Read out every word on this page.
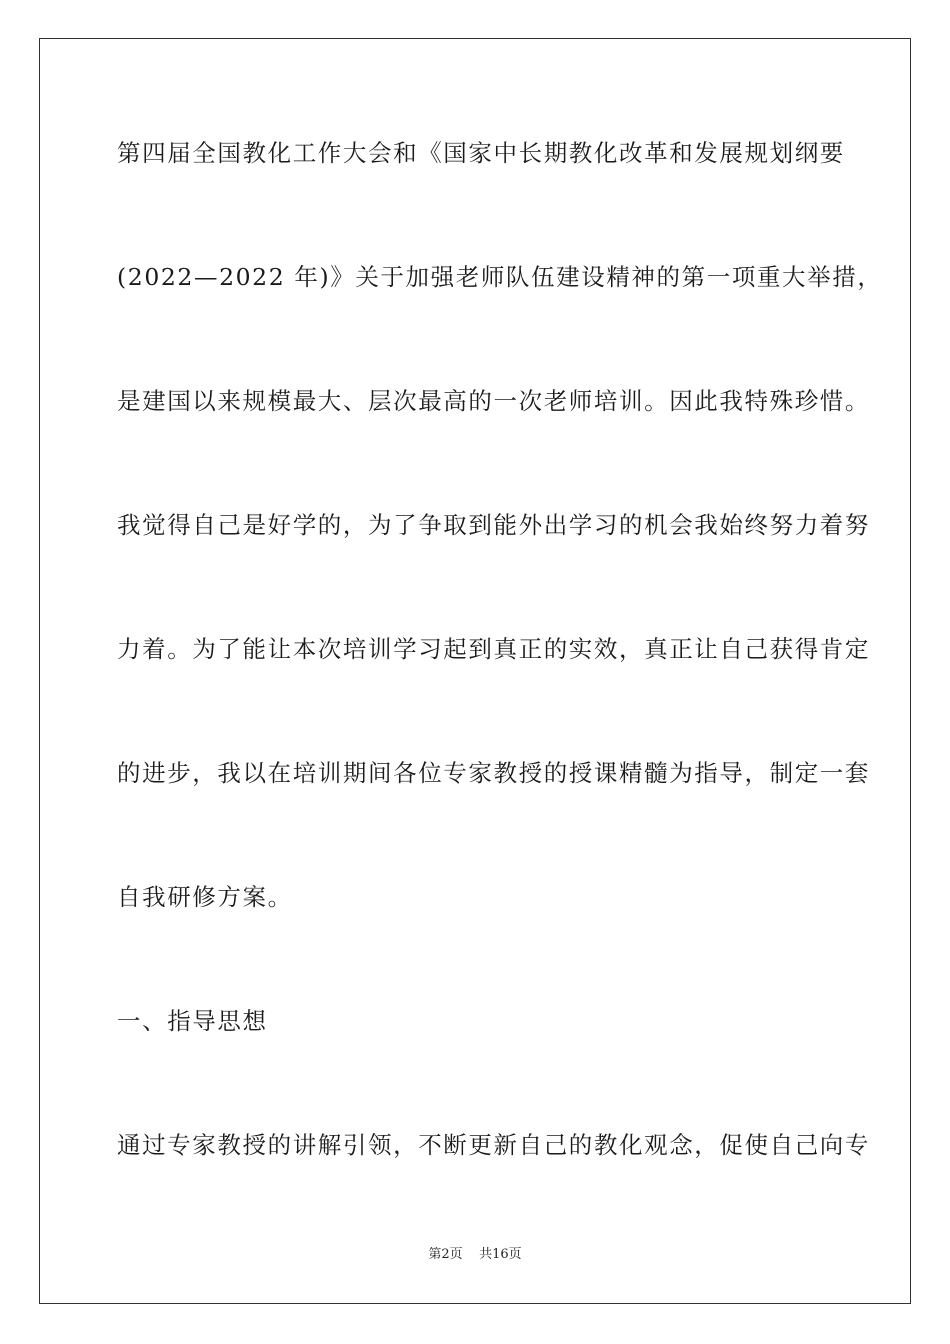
第四届全国教化工作大会和《国家中长期教化改革和发展规划纲要
(2022—2022 年)》关于加强老师队伍建设精神的第一项重大举措，
是建国以来规模最大、层次最高的一次老师培训。因此我特殊珍惜。
我觉得自己是好学的，为了争取到能外出学习的机会我始终努力着努
力着。为了能让本次培训学习起到真正的实效，真正让自己获得肯定
的进步，我以在培训期间各位专家教授的授课精髓为指导，制定一套
自我研修方案。
一、指导思想
通过专家教授的讲解引领，不断更新自己的教化观念，促使自己向专
第2页 共16页
